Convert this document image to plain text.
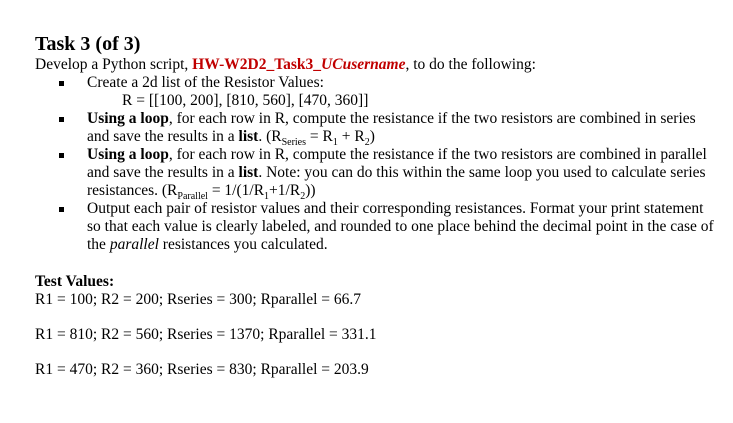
Task 3 (of 3)

Develop a Python script, HW-W2D2_Task3_UCusername, to do the following:

Create a 2d list of the Resistor Values:
R = [[100, 200], [810, 560], [470, 360]]
Using a loop, for each row in R, compute the resistance if the two resistors are combined in series and save the results in a list. $(R_{Series} = R_1 + R_2)$
Using a loop, for each row in R, compute the resistance if the two resistors are combined in parallel and save the results in a list. Note: you can do this within the same loop you used to calculate series resistances. $(R_{Parallel} = 1/(1/R_1+1/R_2))$
Output each pair of resistor values and their corresponding resistances. Format your print statement so that each value is clearly labeled, and rounded to one place behind the decimal point in the case of the parallel resistances you calculated.
Test Values:
R1 = 100; R2 = 200; Rseries = 300; Rparallel = 66.7
R1 = 810; R2 = 560; Rseries = 1370; Rparallel = 331.1
R1 = 470; R2 = 360; Rseries = 830; Rparallel = 203.9
